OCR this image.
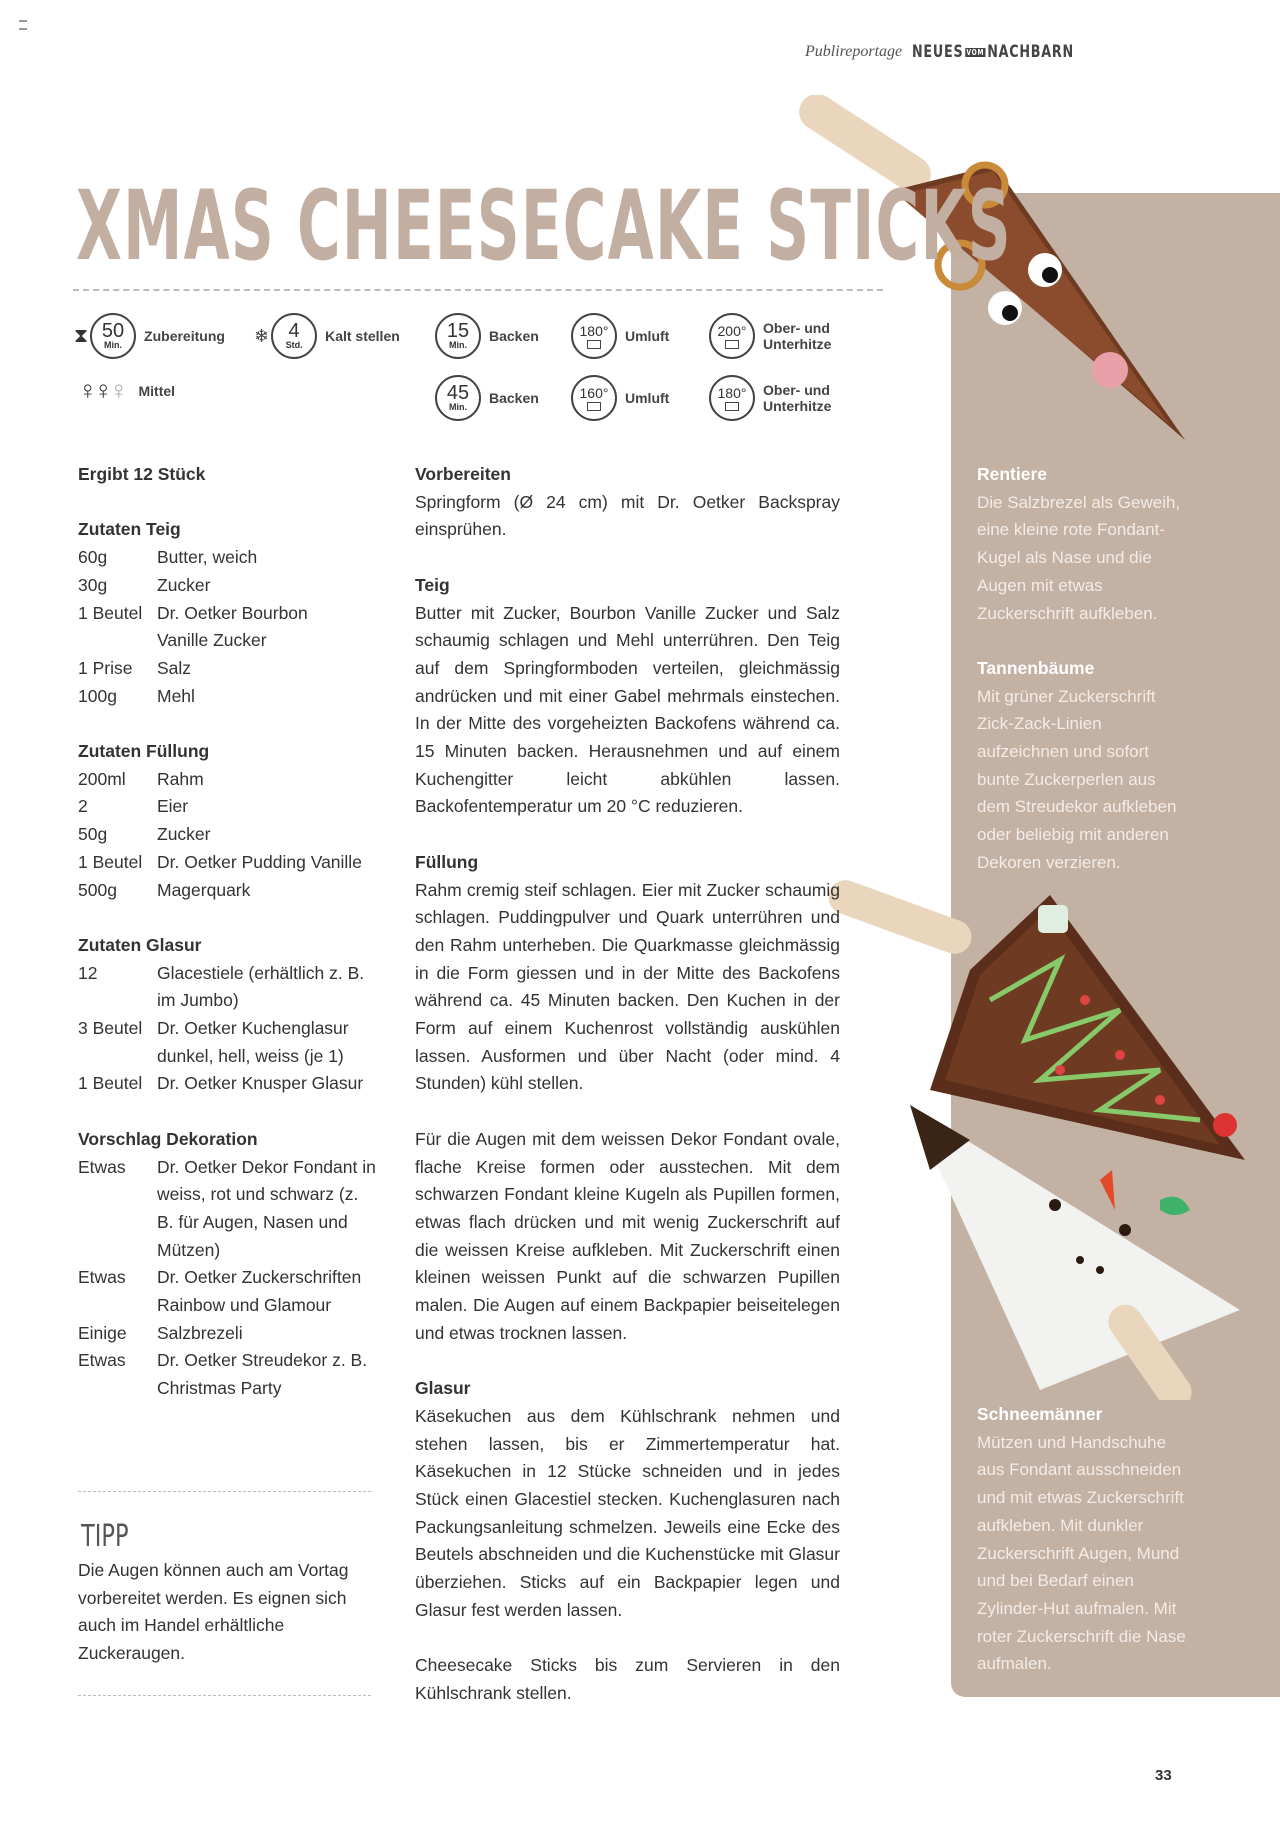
Publireportage NEUES VOM NACHBARN
XMAS CHEESECAKE STICKS
⧗ 50
Min.
Zubereitung ❄ 4
Std.
Kalt stellen 15
Min.
Backen	180° Umluft	200° Ober- und Unterhitze
♀♀♀ Mittel	45
Min.
Backen	160° Umluft	180° Ober- und Unterhitze
Ergibt 12 Stück
Zutaten Teig
60g	Butter, weich
30g	Zucker
1 Beutel Dr. Oetker Bourbon Vanille Zucker
1 Prise	Salz
100g	Mehl
Zutaten Füllung
200ml	Rahm
2	Eier
50g	Zucker
1 Beutel Dr. Oetker Pudding Vanille
500g	Magerquark
Zutaten Glasur
12	Glacestiele (erhältlich z. B. im Jumbo)
3 Beutel Dr. Oetker Kuchenglasur dunkel, hell, weiss (je 1)
1 Beutel Dr. Oetker Knusper Glasur
Vorschlag Dekoration
Etwas	Dr. Oetker Dekor Fondant in weiss, rot und schwarz (z. B. für Augen, Nasen und Mützen)
Etwas	Dr. Oetker Zuckerschriften Rainbow und Glamour
Einige	Salzbrezeli
Etwas	Dr. Oetker Streudekor z. B. Christmas Party
TIPP
Die Augen können auch am Vortag vorbereitet werden. Es eignen sich auch im Handel erhältliche Zuckeraugen.
Vorbereiten

Springform (Ø 24 cm) mit Dr. Oetker Backspray einsprühen.

Teig

Butter mit Zucker, Bourbon Vanille Zucker und Salz schaumig schlagen und Mehl unterrühren. Den Teig auf dem Springformboden verteilen, gleichmässig andrücken und mit einer Gabel mehrmals einstechen. In der Mitte des vorgeheizten Backofens während ca. 15 Minuten backen. Herausnehmen und auf einem Kuchengitter leicht abkühlen lassen. Backofentemperatur um 20 °C reduzieren.

Füllung

Rahm cremig steif schlagen. Eier mit Zucker schaumig schlagen. Puddingpulver und Quark unterrühren und den Rahm unterheben. Die Quarkmasse gleichmässig in die Form giessen und in der Mitte des Backofens während ca. 45 Minuten backen. Den Kuchen in der Form auf einem Kuchenrost vollständig auskühlen lassen. Ausformen und über Nacht (oder mind. 4 Stunden) kühl stellen.

Für die Augen mit dem weissen Dekor Fondant ovale, flache Kreise formen oder ausstechen. Mit dem schwarzen Fondant kleine Kugeln als Pupillen formen, etwas flach drücken und mit wenig Zuckerschrift auf die weissen Kreise aufkleben. Mit Zuckerschrift einen kleinen weissen Punkt auf die schwarzen Pupillen malen. Die Augen auf einem Backpapier beiseitelegen und etwas trocknen lassen.

Glasur

Käsekuchen aus dem Kühlschrank nehmen und stehen lassen, bis er Zimmertemperatur hat. Käsekuchen in 12 Stücke schneiden und in jedes Stück einen Glacestiel stecken. Kuchenglasuren nach Packungsanleitung schmelzen. Jeweils eine Ecke des Beutels abschneiden und die Kuchenstücke mit Glasur überziehen. Sticks auf ein Backpapier legen und Glasur fest werden lassen.

Cheesecake Sticks bis zum Servieren in den Kühlschrank stellen.

Rentiere

Die Salzbrezel als Geweih, eine kleine rote Fondant-Kugel als Nase und die Augen mit etwas Zuckerschrift aufkleben.

Tannenbäume

Mit grüner Zuckerschrift Zick-Zack-Linien aufzeichnen und sofort bunte Zuckerperlen aus dem Streudekor aufkleben oder beliebig mit anderen Dekoren verzieren.

Schneemänner

Mützen und Handschuhe aus Fondant ausschneiden und mit etwas Zuckerschrift aufkleben. Mit dunkler Zuckerschrift Augen, Mund und bei Bedarf einen Zylinder-Hut aufmalen. Mit roter Zuckerschrift die Nase aufmalen.

33
